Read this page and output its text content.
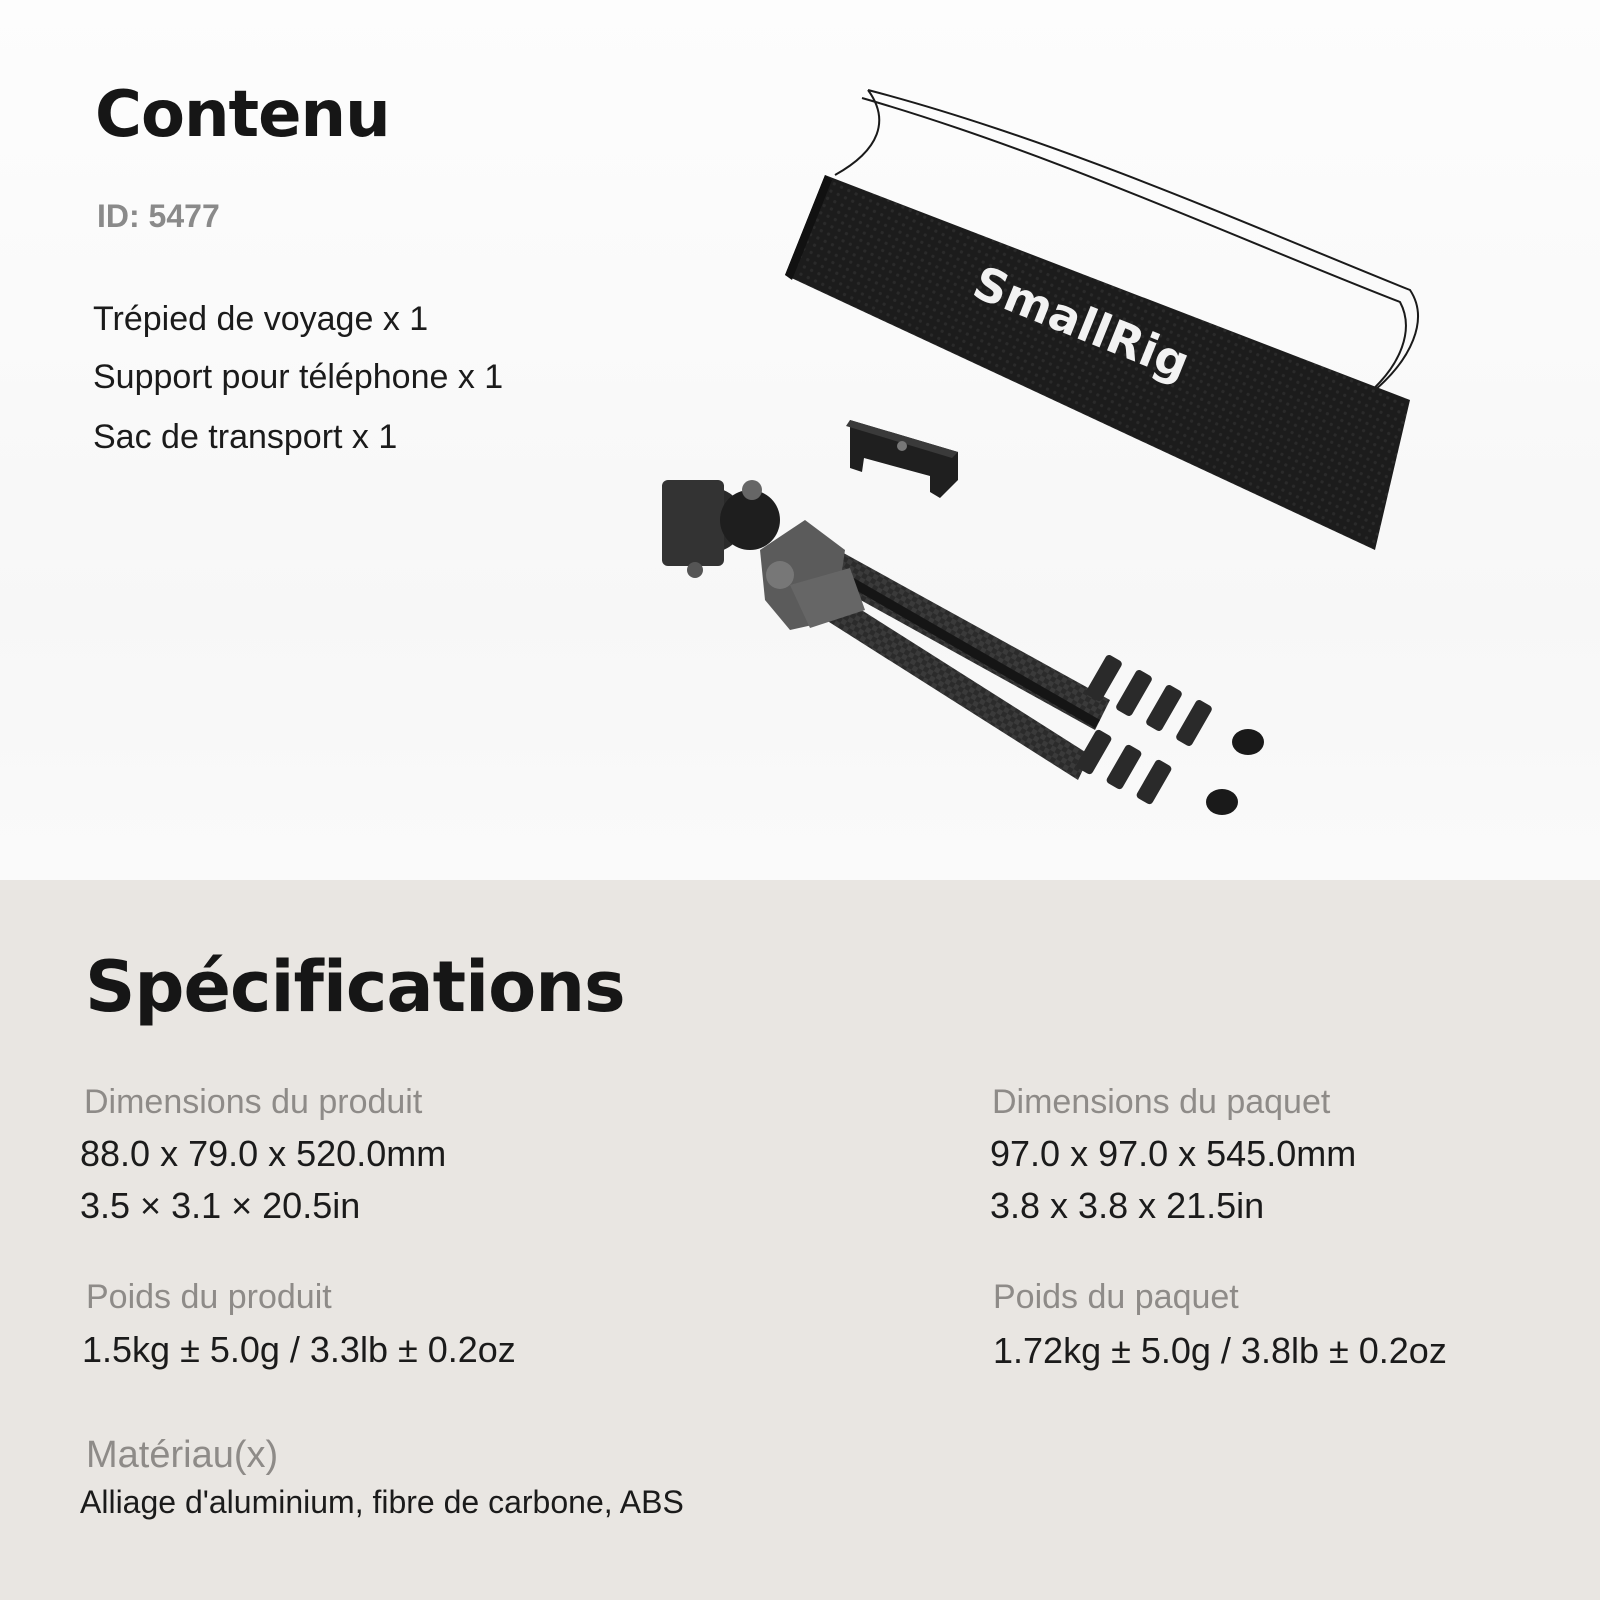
Contenu
ID: 5477
Trépied de voyage x 1
Support pour téléphone x 1
Sac de transport x 1
SmallRig
Spécifications
Dimensions du produit
88.0 x 79.0 x 520.0mm
3.5 × 3.1 × 20.5in
Dimensions du paquet
97.0 x 97.0 x 545.0mm
3.8 x 3.8 x 21.5in
Poids du produit
1.5kg ± 5.0g / 3.3lb ± 0.2oz
Poids du paquet
1.72kg ± 5.0g / 3.8lb ± 0.2oz
Matériau(x)
Alliage d'aluminium, fibre de carbone, ABS
